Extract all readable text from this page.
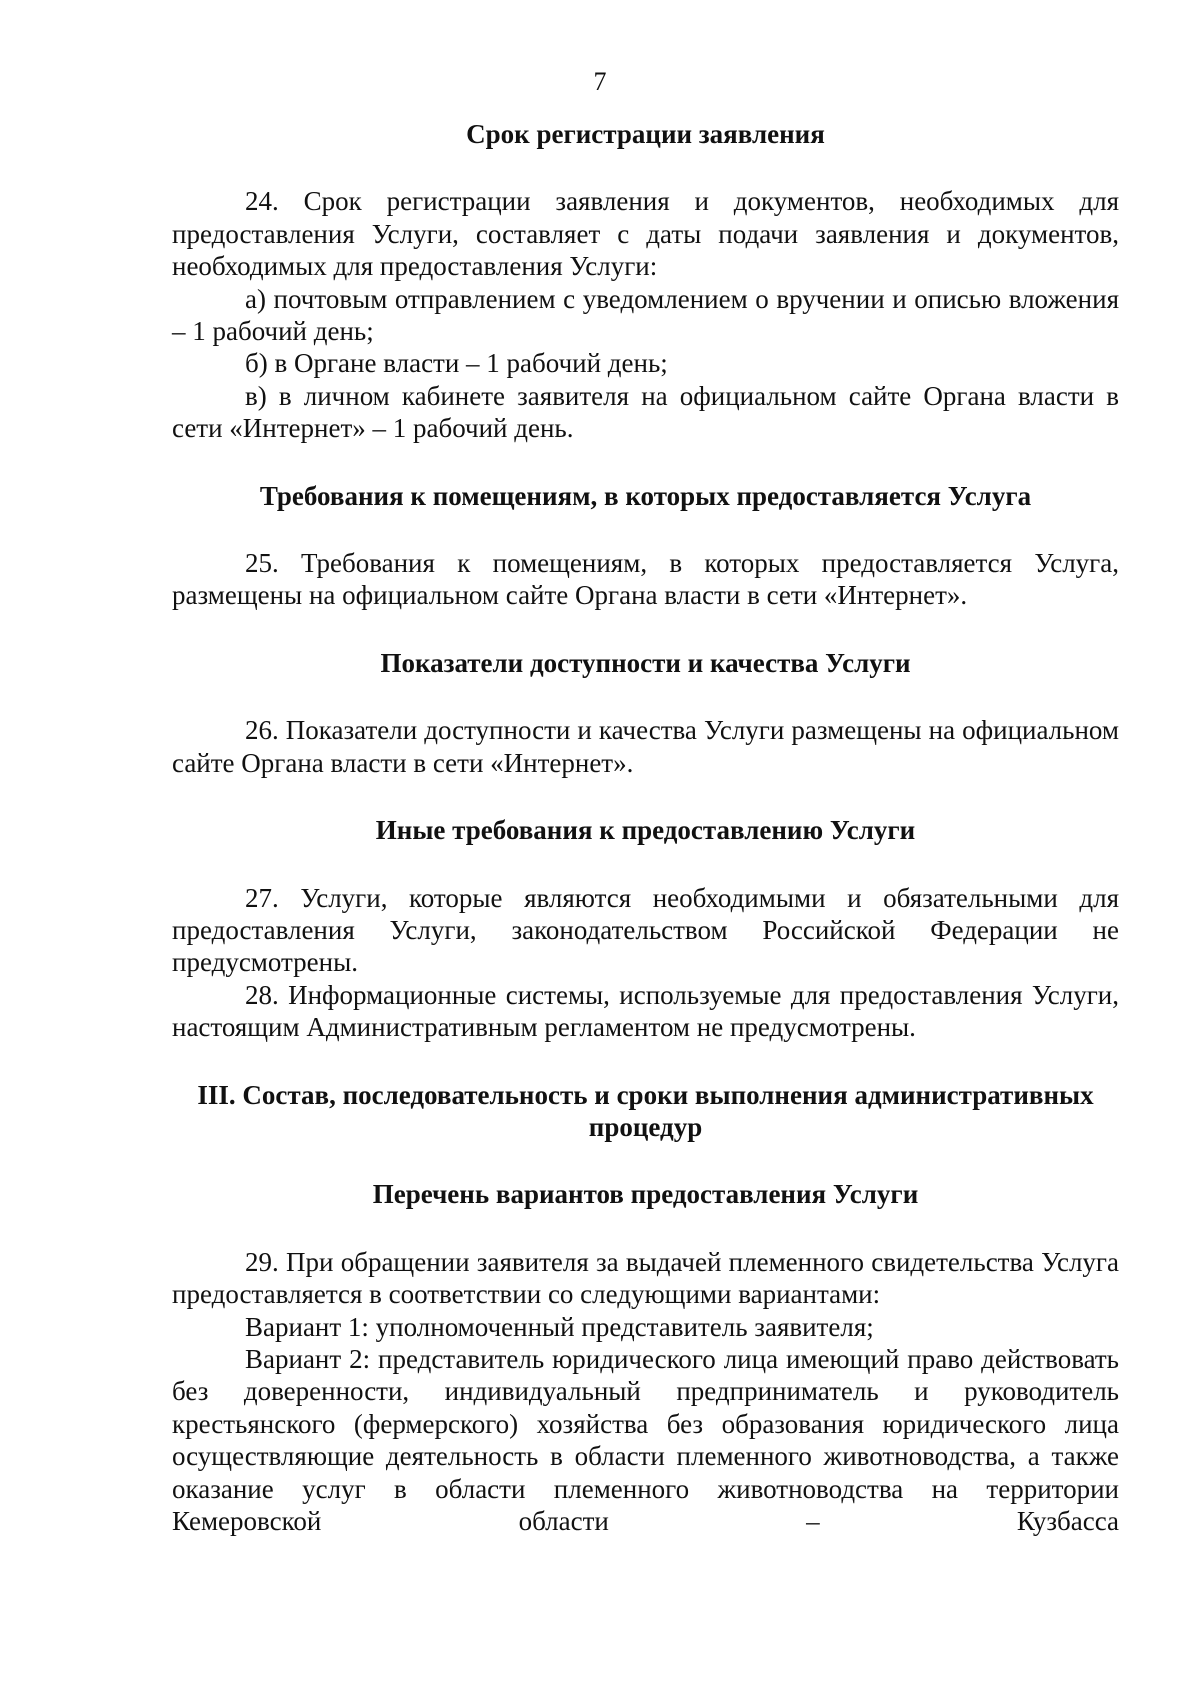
7
Срок регистрации заявления

24. Срок регистрации заявления и документов, необходимых для предоставления Услуги, составляет с даты подачи заявления и документов, необходимых для предоставления Услуги:

а) почтовым отправлением с уведомлением о вручении и описью вложения – 1 рабочий день;

б) в Органе власти – 1 рабочий день;

в) в личном кабинете заявителя на официальном сайте Органа власти в сети «Интернет» – 1 рабочий день.

Требования к помещениям, в которых предоставляется Услуга

25. Требования к помещениям, в которых предоставляется Услуга, размещены на официальном сайте Органа власти в сети «Интернет».

Показатели доступности и качества Услуги

26. Показатели доступности и качества Услуги размещены на официальном сайте Органа власти в сети «Интернет».

Иные требования к предоставлению Услуги

27. Услуги, которые являются необходимыми и обязательными для предоставления Услуги, законодательством Российской Федерации не предусмотрены.

28. Информационные системы, используемые для предоставления Услуги, настоящим Административным регламентом не предусмотрены.

III. Состав, последовательность и сроки выполнения административных процедур
Перечень вариантов предоставления Услуги

29. При обращении заявителя за выдачей племенного свидетельства Услуга предоставляется в соответствии со следующими вариантами:

Вариант 1: уполномоченный представитель заявителя;

Вариант 2: представитель юридического лица имеющий право действовать без доверенности, индивидуальный предприниматель и руководитель крестьянского (фермерского) хозяйства без образования юридического лица осуществляющие деятельность в области племенного животноводства, а также оказание услуг в области племенного животноводства на территории Кемеровской области – Кузбасса
